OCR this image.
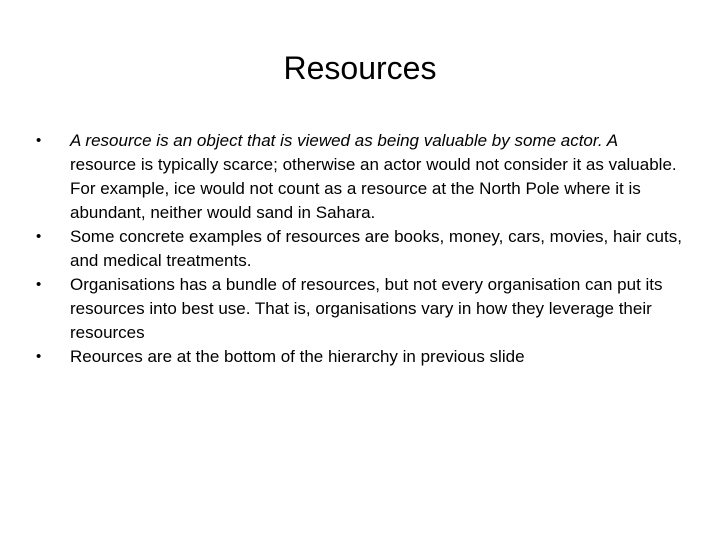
Resources
•	A resource is an object that is viewed as being valuable by some actor. A resource is typically scarce; otherwise an actor would not consider it as valuable. For example, ice would not count as a resource at the North Pole where it is abundant, neither would sand in Sahara.
•	Some concrete examples of resources are books, money, cars, movies, hair cuts, and medical treatments.
•	Organisations has a bundle of resources, but not every organisation can put its resources into best use. That is, organisations vary in how they leverage their resources
•	Reources are at the bottom of the hierarchy in previous slide
